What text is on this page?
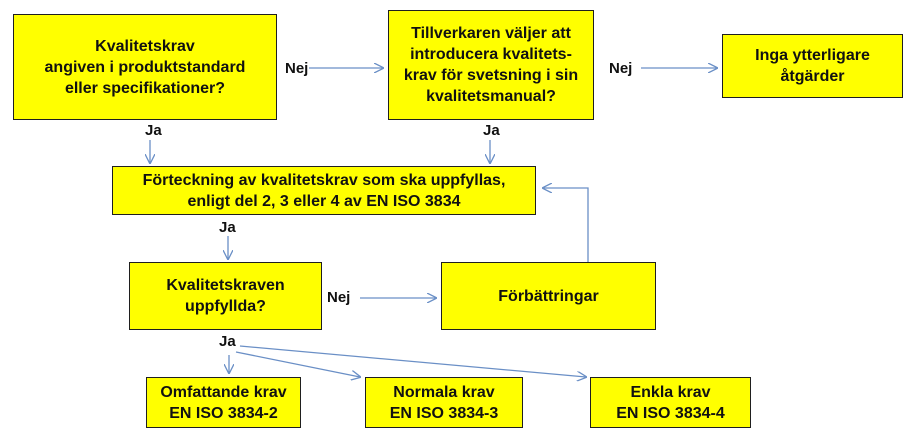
Kvalitetskrav
angiven i produktstandard
eller specifikationer?
Tillverkaren väljer att
introducera kvalitets-
krav för svetsning i sin
kvalitetsmanual?
Inga ytterligare
åtgärder
Förteckning av kvalitetskrav som ska uppfyllas,
enligt del 2, 3 eller 4 av EN ISO 3834
Kvalitetskraven
uppfyllda?
Förbättringar
Omfattande krav
EN ISO 3834-2
Normala krav
EN ISO 3834-3
Enkla krav
EN ISO 3834-4
Nej	Nej
Ja	Ja
Ja
Nej
Ja
